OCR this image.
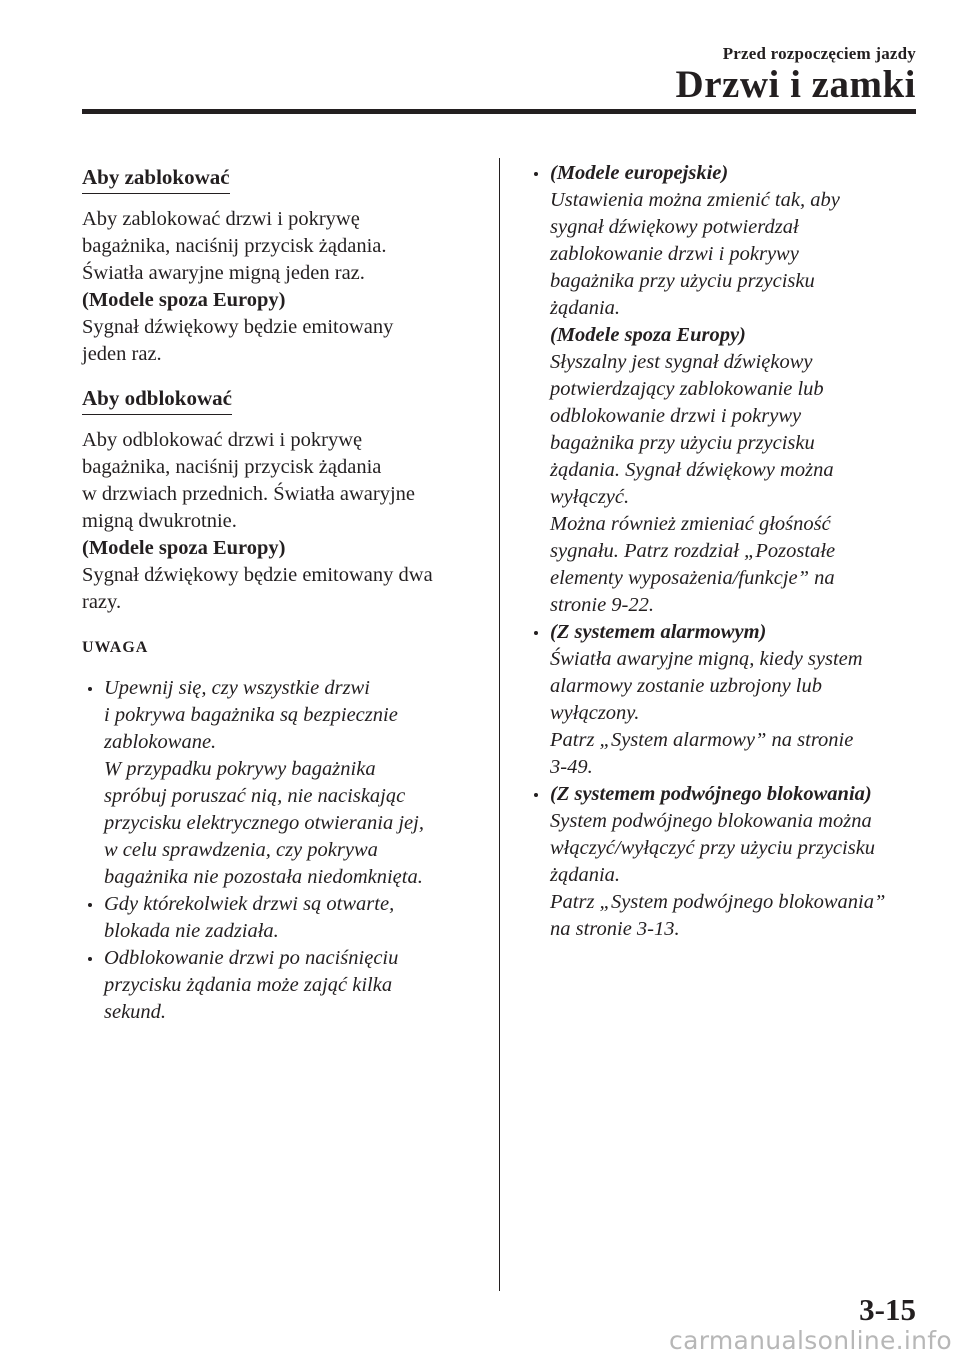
Przed rozpoczęciem jazdy
Drzwi i zamki
Aby zablokować

Aby zablokować drzwi i pokrywę
bagażnika, naciśnij przycisk żądania.
Światła awaryjne migną jeden raz.

(Modele spoza Europy)

Sygnał dźwiękowy będzie emitowany
jeden raz.

Aby odblokować

Aby odblokować drzwi i pokrywę
bagażnika, naciśnij przycisk żądania
w drzwiach przednich. Światła awaryjne
migną dwukrotnie.

(Modele spoza Europy)

Sygnał dźwiękowy będzie emitowany dwa
razy.

UWAGA
Upewnij się, czy wszystkie drzwi
i pokrywa bagażnika są bezpiecznie
zablokowane.
W przypadku pokrywy bagażnika
spróbuj poruszać nią, nie naciskając
przycisku elektrycznego otwierania jej,
w celu sprawdzenia, czy pokrywa
bagażnika nie pozostała niedomknięta.
Gdy którekolwiek drzwi są otwarte,
blokada nie zadziała.
Odblokowanie drzwi po naciśnięciu
przycisku żądania może zająć kilka
sekund.
(Modele europejskie)
Ustawienia można zmienić tak, aby
sygnał dźwiękowy potwierdzał
zablokowanie drzwi i pokrywy
bagażnika przy użyciu przycisku
żądania.
(Modele spoza Europy)
Słyszalny jest sygnał dźwiękowy
potwierdzający zablokowanie lub
odblokowanie drzwi i pokrywy
bagażnika przy użyciu przycisku
żądania. Sygnał dźwiękowy można
wyłączyć.
Można również zmieniać głośność
sygnału. Patrz rozdział „Pozostałe
elementy wyposażenia/funkcje” na
stronie 9-22.
(Z systemem alarmowym)
Światła awaryjne migną, kiedy system
alarmowy zostanie uzbrojony lub
wyłączony.
Patrz „System alarmowy” na stronie
3-49.
(Z systemem podwójnego blokowania)
System podwójnego blokowania można
włączyć/wyłączyć przy użyciu przycisku
żądania.
Patrz „System podwójnego blokowania”
na stronie 3-13.
3-15
carmanualsonline.info
